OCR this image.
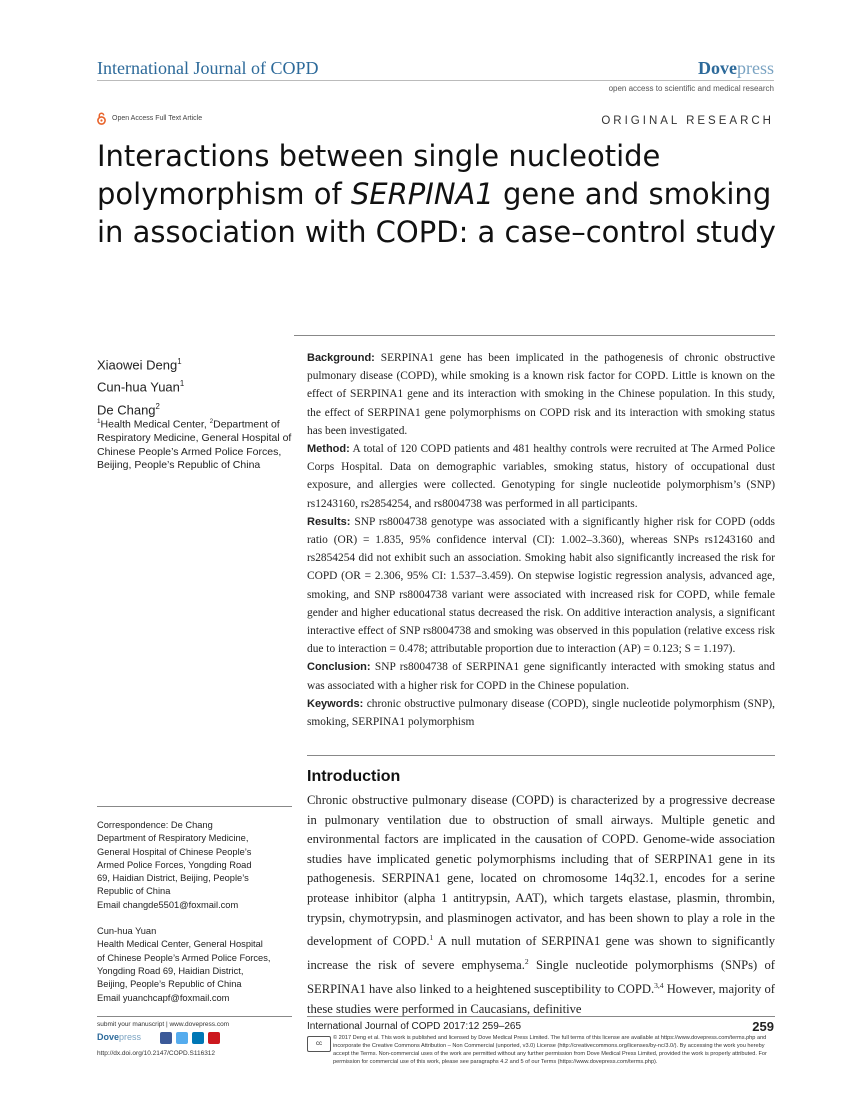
International Journal of COPD	Dovepress
open access to scientific and medical research
Open Access Full Text Article	ORIGINAL RESEARCH
Interactions between single nucleotide polymorphism of SERPINA1 gene and smoking in association with COPD: a case–control study
Xiaowei Deng$^1$
Cun-hua Yuan$^1$
De Chang$^2$
$^1$Health Medical Center, $^2$Department of Respiratory Medicine, General Hospital of Chinese People’s Armed Police Forces, Beijing, People’s Republic of China

Background: SERPINA1 gene has been implicated in the pathogenesis of chronic obstructive pulmonary disease (COPD), while smoking is a known risk factor for COPD. Little is known on the effect of SERPINA1 gene and its interaction with smoking in the Chinese population. In this study, the effect of SERPINA1 gene polymorphisms on COPD risk and its interaction with smoking status has been investigated.

Method: A total of 120 COPD patients and 481 healthy controls were recruited at The Armed Police Corps Hospital. Data on demographic variables, smoking status, history of occupational dust exposure, and allergies were collected. Genotyping for single nucleotide polymorphism’s (SNP) rs1243160, rs2854254, and rs8004738 was performed in all participants.

Results: SNP rs8004738 genotype was associated with a significantly higher risk for COPD (odds ratio (OR) = 1.835, 95% confidence interval (CI): 1.002–3.360), whereas SNPs rs1243160 and rs2854254 did not exhibit such an association. Smoking habit also significantly increased the risk for COPD (OR = 2.306, 95% CI: 1.537–3.459). On stepwise logistic regression analysis, advanced age, smoking, and SNP rs8004738 variant were associated with increased risk for COPD, while female gender and higher educational status decreased the risk. On additive interaction analysis, a significant interactive effect of SNP rs8004738 and smoking was observed in this population (relative excess risk due to interaction = 0.478; attributable proportion due to interaction (AP) = 0.123; S = 1.197).

Conclusion: SNP rs8004738 of SERPINA1 gene significantly interacted with smoking status and was associated with a higher risk for COPD in the Chinese population.

Keywords: chronic obstructive pulmonary disease (COPD), single nucleotide polymorphism (SNP), smoking, SERPINA1 polymorphism

Correspondence: De Chang
Department of Respiratory Medicine,
General Hospital of Chinese People’s
Armed Police Forces, Yongding Road
69, Haidian District, Beijing, People’s
Republic of China
Email changde5501@foxmail.com
Cun-hua Yuan
Health Medical Center, General Hospital
of Chinese People’s Armed Police Forces,
Yongding Road 69, Haidian District,
Beijing, People’s Republic of China
Email yuanchcapf@foxmail.com
Introduction

Chronic obstructive pulmonary disease (COPD) is characterized by a progressive decrease in pulmonary ventilation due to obstruction of small airways. Multiple genetic and environmental factors are implicated in the causation of COPD. Genome-wide association studies have implicated genetic polymorphisms including that of SERPINA1 gene in its pathogenesis. SERPINA1 gene, located on chromosome 14q32.1, encodes for a serine protease inhibitor (alpha 1 antitrypsin, AAT), which targets elastase, plasmin, thrombin, trypsin, chymotrypsin, and plasminogen activator, and has been shown to play a role in the development of COPD.$^1$ A null mutation of SERPINA1 gene was shown to significantly increase the risk of severe emphysema.$^2$ Single nucleotide polymorphisms (SNPs) of SERPINA1 have also linked to a heightened susceptibility to COPD.$^{3,4}$ However, majority of these studies were performed in Caucasians, definitive

submit your manuscript | www.dovepress.com
Dovepress
http://dx.doi.org/10.2147/COPD.S116312
International Journal of COPD 2017:12 259–265	259
cc
© 2017 Deng et al. This work is published and licensed by Dove Medical Press Limited. The full terms of this license are available at https://www.dovepress.com/terms.php and incorporate the Creative Commons Attribution – Non Commercial (unported, v3.0) License (http://creativecommons.org/licenses/by-nc/3.0/). By accessing the work you hereby accept the Terms. Non-commercial uses of the work are permitted without any further permission from Dove Medical Press Limited, provided the work is properly attributed. For permission for commercial use of this work, please see paragraphs 4.2 and 5 of our Terms (https://www.dovepress.com/terms.php).
